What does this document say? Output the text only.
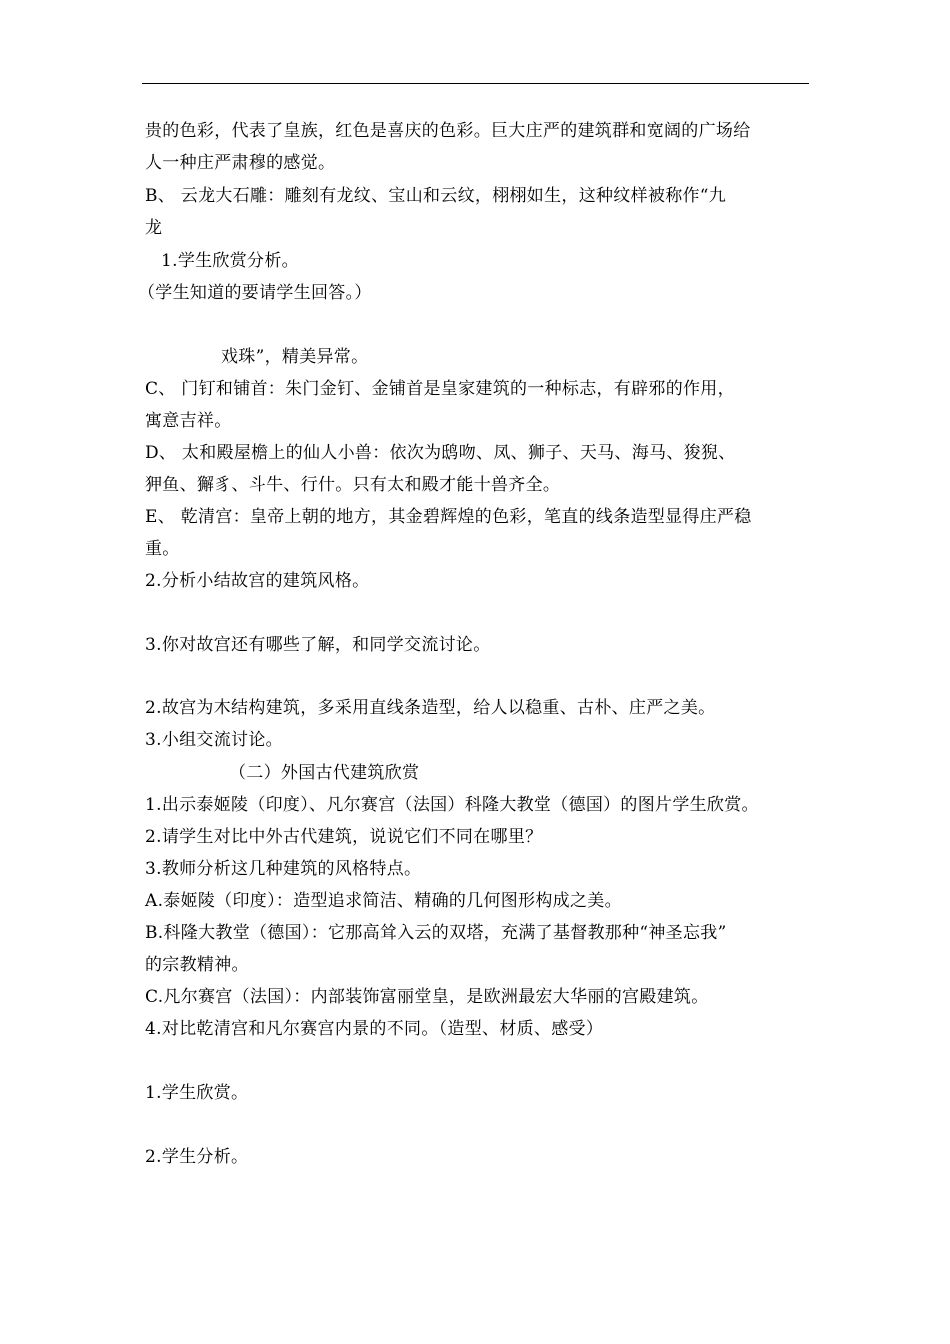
贵的色彩，代表了皇族，红色是喜庆的色彩。巨大庄严的建筑群和宽阔的广场给
人一种庄严肃穆的感觉。
B、 云龙大石雕：雕刻有龙纹、宝山和云纹，栩栩如生，这种纹样被称作“九
龙
1.学生欣赏分析。
（学生知道的要请学生回答。）
戏珠”，精美异常。
C、 门钉和铺首：朱门金钉、金铺首是皇家建筑的一种标志，有辟邪的作用，
寓意吉祥。
D、 太和殿屋檐上的仙人小兽：依次为鸱吻、凤、狮子、天马、海马、狻猊、
狎鱼、獬豸、斗牛、行什。只有太和殿才能十兽齐全。
E、 乾清宫：皇帝上朝的地方，其金碧辉煌的色彩，笔直的线条造型显得庄严稳
重。
2.分析小结故宫的建筑风格。
3.你对故宫还有哪些了解，和同学交流讨论。
2.故宫为木结构建筑，多采用直线条造型，给人以稳重、古朴、庄严之美。
3.小组交流讨论。
（二）外国古代建筑欣赏
1.出示泰姬陵（印度）、凡尔赛宫（法国）科隆大教堂（德国）的图片学生欣赏。
2.请学生对比中外古代建筑，说说它们不同在哪里？
3.教师分析这几种建筑的风格特点。
A.泰姬陵（印度）：造型追求简洁、精确的几何图形构成之美。
B.科隆大教堂（德国）：它那高耸入云的双塔，充满了基督教那种“神圣忘我”
的宗教精神。
C.凡尔赛宫（法国）：内部装饰富丽堂皇，是欧洲最宏大华丽的宫殿建筑。
4.对比乾清宫和凡尔赛宫内景的不同。（造型、材质、感受）
1.学生欣赏。
2.学生分析。
